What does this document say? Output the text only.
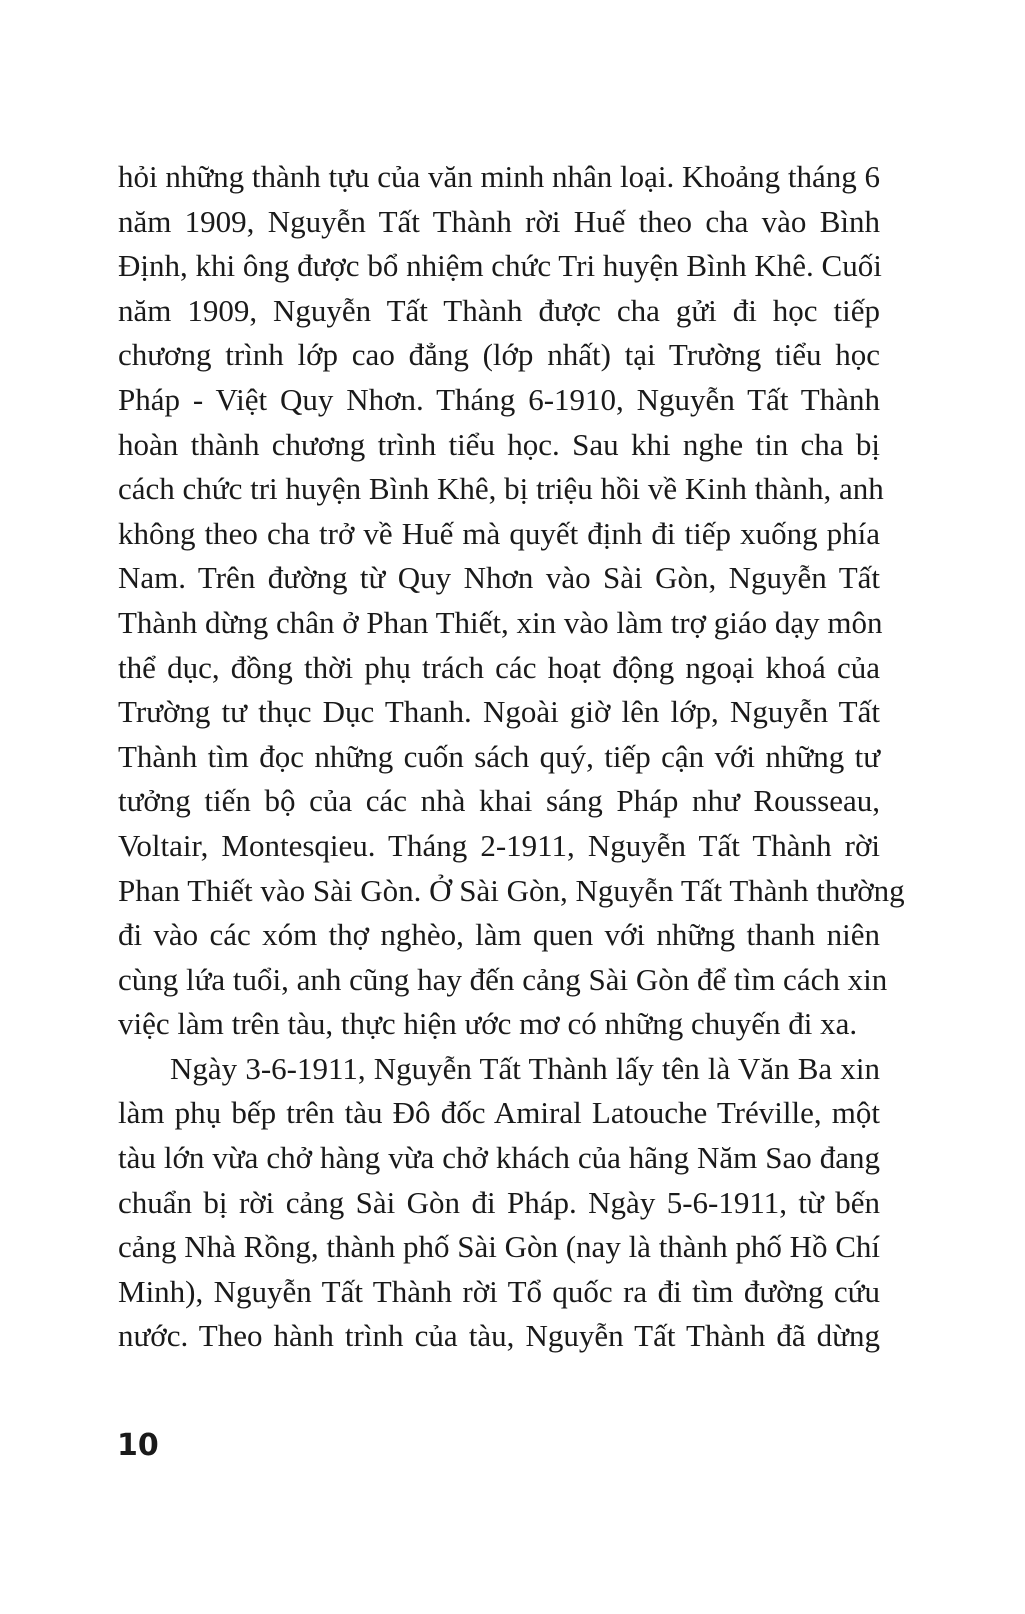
hỏi những thành tựu của văn minh nhân loại. Khoảng tháng 6
năm 1909, Nguyễn Tất Thành rời Huế theo cha vào Bình
Định, khi ông được bổ nhiệm chức Tri huyện Bình Khê. Cuối
năm 1909, Nguyễn Tất Thành được cha gửi đi học tiếp
chương trình lớp cao đẳng (lớp nhất) tại Trường tiểu học
Pháp - Việt Quy Nhơn. Tháng 6-1910, Nguyễn Tất Thành
hoàn thành chương trình tiểu học. Sau khi nghe tin cha bị
cách chức tri huyện Bình Khê, bị triệu hồi về Kinh thành, anh
không theo cha trở về Huế mà quyết định đi tiếp xuống phía
Nam. Trên đường từ Quy Nhơn vào Sài Gòn, Nguyễn Tất
Thành dừng chân ở Phan Thiết, xin vào làm trợ giáo dạy môn
thể dục, đồng thời phụ trách các hoạt động ngoại khoá của
Trường tư thục Dục Thanh. Ngoài giờ lên lớp, Nguyễn Tất
Thành tìm đọc những cuốn sách quý, tiếp cận với những tư
tưởng tiến bộ của các nhà khai sáng Pháp như Rousseau,
Voltair, Montesqieu. Tháng 2-1911, Nguyễn Tất Thành rời
Phan Thiết vào Sài Gòn. Ở Sài Gòn, Nguyễn Tất Thành thường
đi vào các xóm thợ nghèo, làm quen với những thanh niên
cùng lứa tuổi, anh cũng hay đến cảng Sài Gòn để tìm cách xin
việc làm trên tàu, thực hiện ước mơ có những chuyến đi xa.
Ngày 3-6-1911, Nguyễn Tất Thành lấy tên là Văn Ba xin
làm phụ bếp trên tàu Đô đốc Amiral Latouche Tréville, một
tàu lớn vừa chở hàng vừa chở khách của hãng Năm Sao đang
chuẩn bị rời cảng Sài Gòn đi Pháp. Ngày 5-6-1911, từ bến
cảng Nhà Rồng, thành phố Sài Gòn (nay là thành phố Hồ Chí
Minh), Nguyễn Tất Thành rời Tổ quốc ra đi tìm đường cứu
nước. Theo hành trình của tàu, Nguyễn Tất Thành đã dừng
10
